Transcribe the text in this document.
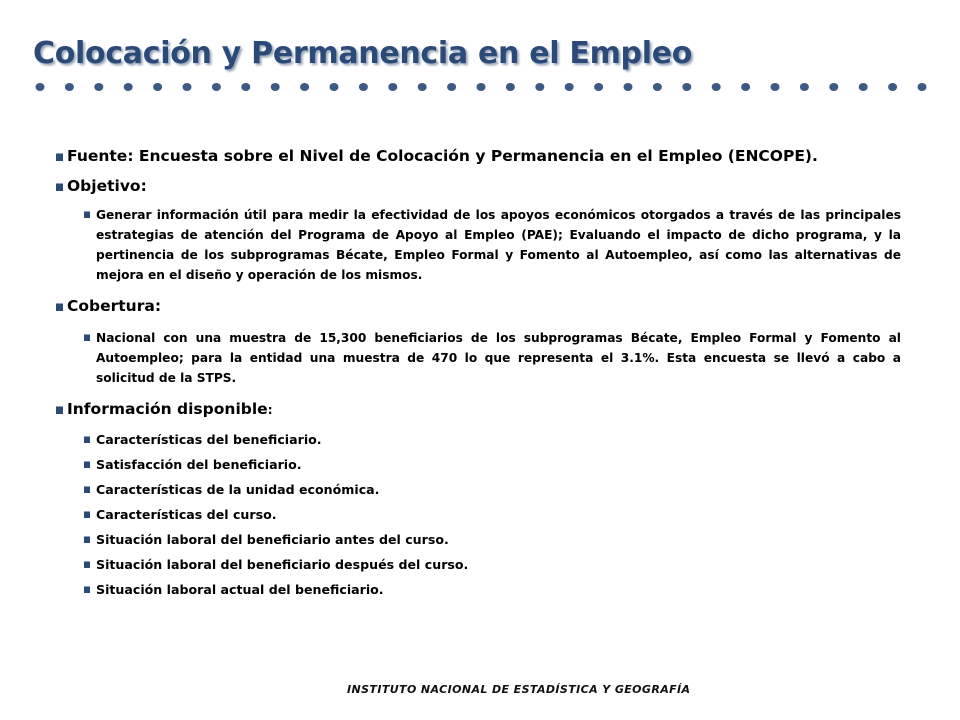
Colocación y Permanencia en el Empleo
Fuente: Encuesta sobre el Nivel de Colocación y Permanencia en el Empleo (ENCOPE).
Objetivo:
Generar información útil para medir la efectividad de los apoyos económicos otorgados a través de las principales estrategias de atención del Programa de Apoyo al Empleo (PAE); Evaluando el impacto de dicho programa, y la pertinencia de los subprogramas Bécate, Empleo Formal y Fomento al Autoempleo, así como las alternativas de mejora en el diseño y operación de los mismos.
Cobertura:
Nacional con una muestra de 15,300 beneficiarios de los subprogramas Bécate, Empleo Formal y Fomento al Autoempleo; para la entidad una muestra de 470 lo que representa el 3.1%. Esta encuesta se llevó a cabo a solicitud de la STPS.
Información disponible:
Características del beneficiario.
Satisfacción del beneficiario.
Características de la unidad económica.
Características del curso.
Situación laboral del beneficiario antes del curso.
Situación laboral del beneficiario después del curso.
Situación laboral actual del beneficiario.

INSTITUTO NACIONAL DE ESTADÍSTICA Y GEOGRAFÍA
